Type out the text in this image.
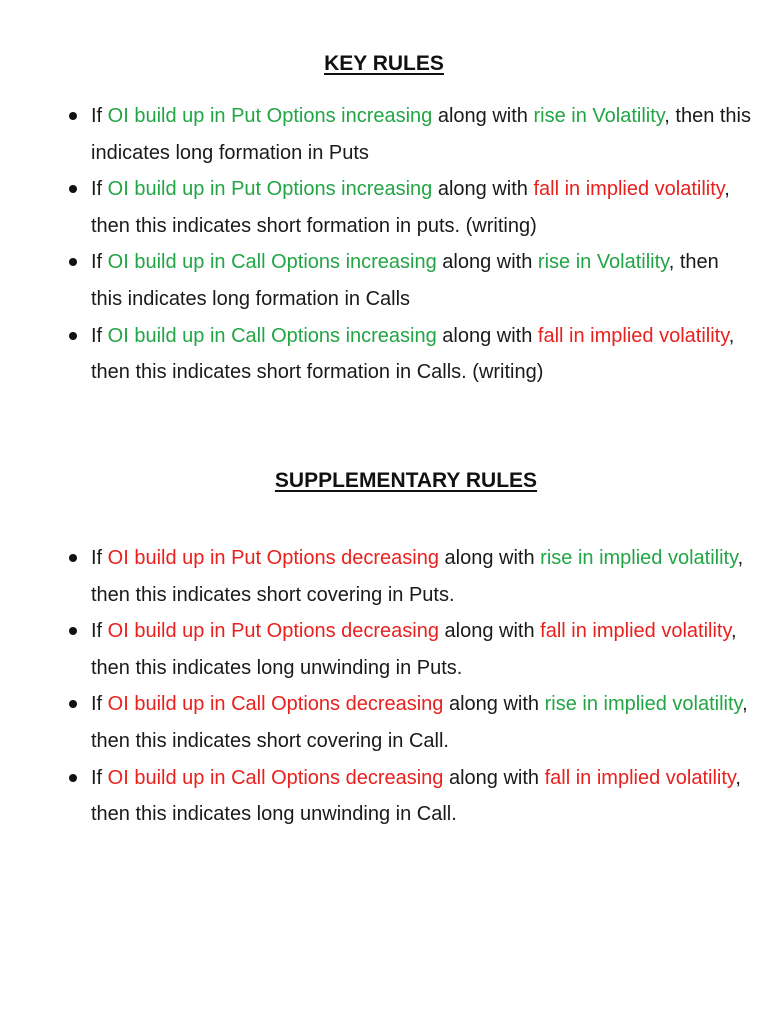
KEY RULES
If OI build up in Put Options increasing along with rise in Volatility, then this indicates long formation in Puts
If OI build up in Put Options increasing along with fall in implied volatility, then this indicates short formation in puts. (writing)
If OI build up in Call Options increasing along with rise in Volatility, then this indicates long formation in Calls
If OI build up in Call Options increasing along with fall in implied volatility, then this indicates short formation in Calls. (writing)
SUPPLEMENTARY RULES
If OI build up in Put Options decreasing along with rise in implied volatility, then this indicates short covering in Puts.
If OI build up in Put Options decreasing along with fall in implied volatility, then this indicates long unwinding in Puts.
If OI build up in Call Options decreasing along with rise in implied volatility, then this indicates short covering in Call.
If OI build up in Call Options decreasing along with fall in implied volatility, then this indicates long unwinding in Call.
